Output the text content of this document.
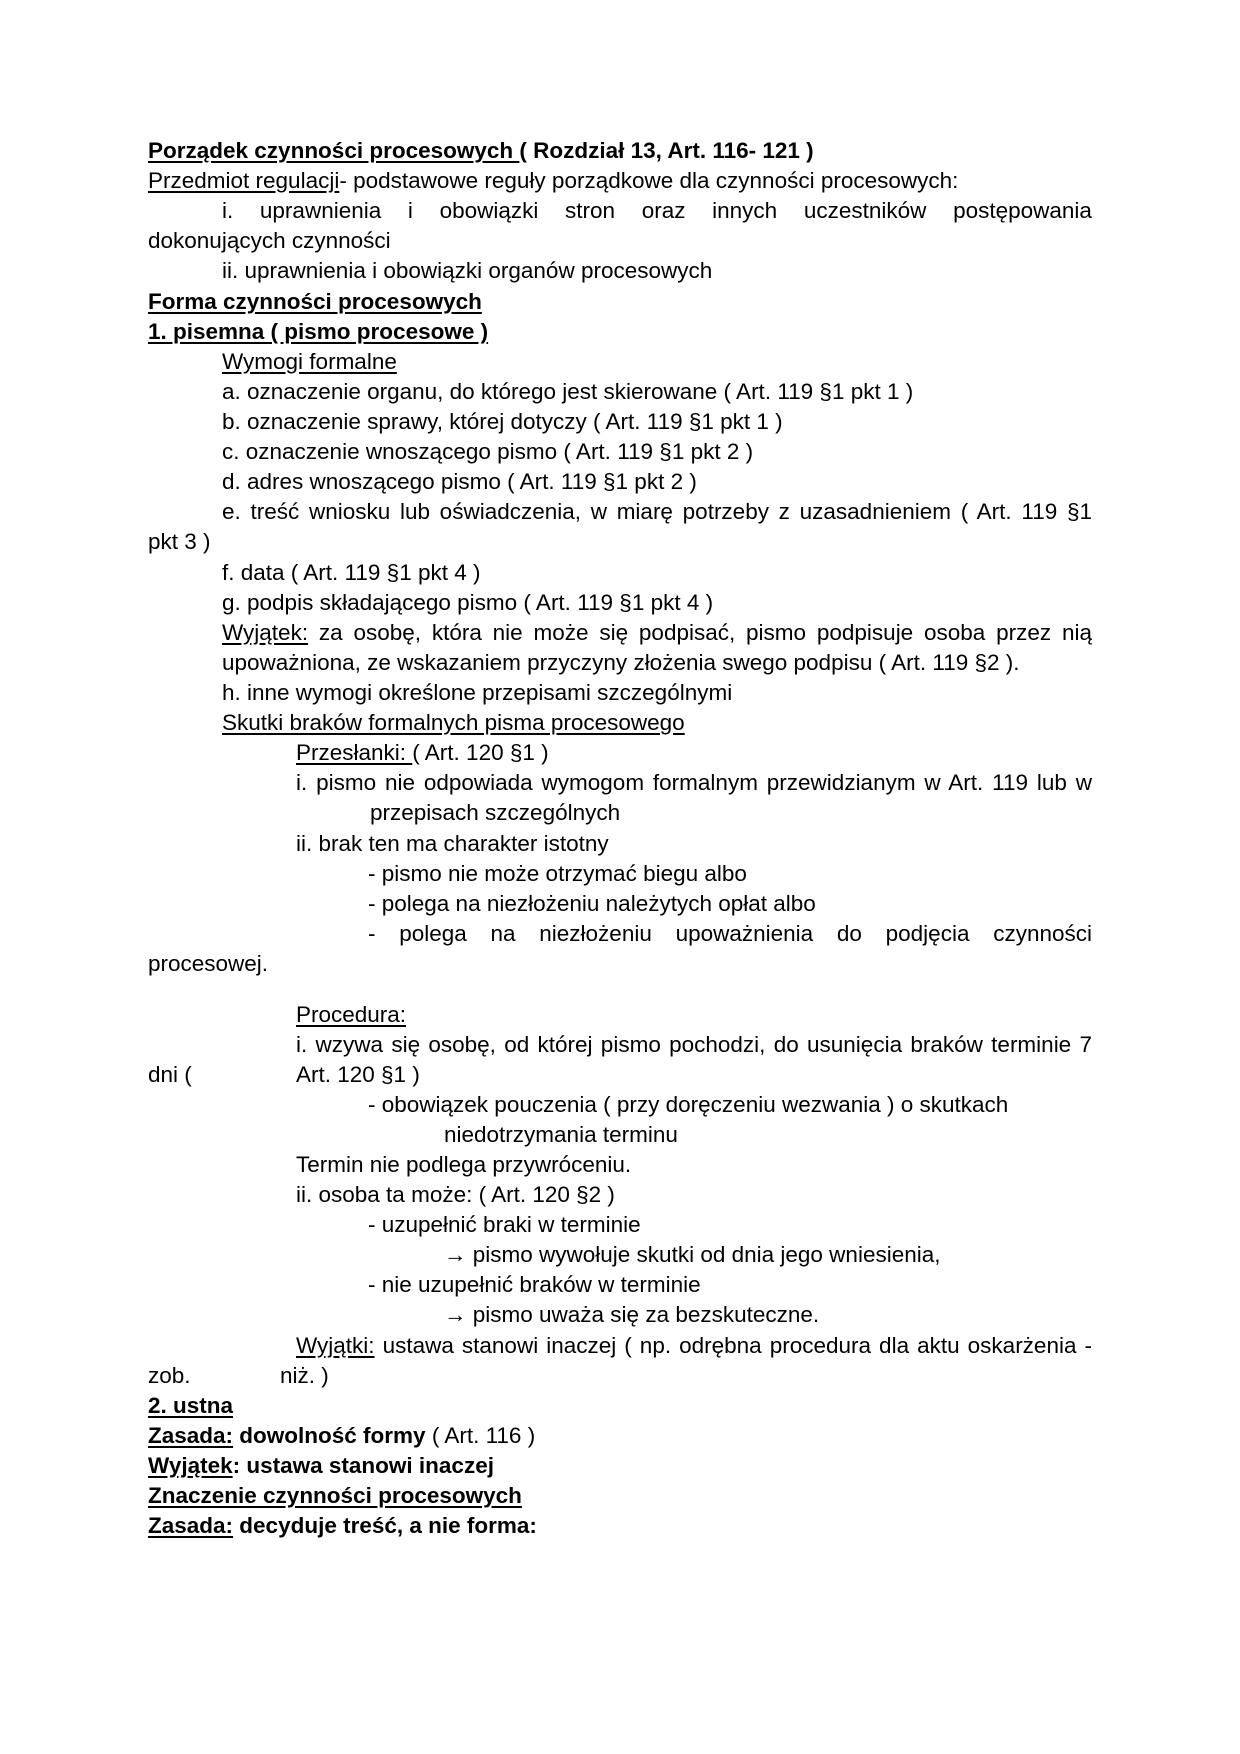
Porządek czynności procesowych ( Rozdział 13, Art. 116- 121 )
Przedmiot regulacji- podstawowe reguły porządkowe dla czynności procesowych:
i. uprawnienia i obowiązki stron oraz innych uczestników postępowania
dokonujących czynności
ii. uprawnienia i obowiązki organów procesowych
Forma czynności procesowych
1. pisemna ( pismo procesowe )
Wymogi formalne
a. oznaczenie organu, do którego jest skierowane ( Art. 119 §1 pkt 1 )
b. oznaczenie sprawy, której dotyczy ( Art. 119 §1 pkt 1 )
c. oznaczenie wnoszącego pismo ( Art. 119 §1 pkt 2 )
d. adres wnoszącego pismo ( Art. 119 §1 pkt 2 )
e. treść wniosku lub oświadczenia, w miarę potrzeby z uzasadnieniem ( Art. 119 §1
pkt 3 )
f. data ( Art. 119 §1 pkt 4 )
g. podpis składającego pismo ( Art. 119 §1 pkt 4 )
Wyjątek: za osobę, która nie może się podpisać, pismo podpisuje osoba przez nią
upoważniona, ze wskazaniem przyczyny złożenia swego podpisu ( Art. 119 §2 ).
h. inne wymogi określone przepisami szczególnymi
Skutki braków formalnych pisma procesowego
Przesłanki: ( Art. 120 §1 )
i. pismo nie odpowiada wymogom formalnym przewidzianym w Art. 119 lub w
przepisach szczególnych
ii. brak ten ma charakter istotny
- pismo nie może otrzymać biegu albo
- polega na niezłożeniu należytych opłat albo
- polega na niezłożeniu upoważnienia do podjęcia czynności
procesowej.
Procedura:
i. wzywa się osobę, od której pismo pochodzi, do usunięcia braków terminie 7
dni (	Art. 120 §1 )
- obowiązek pouczenia ( przy doręczeniu wezwania ) o skutkach
niedotrzymania terminu
Termin nie podlega przywróceniu.
ii. osoba ta może: ( Art. 120 §2 )
- uzupełnić braki w terminie
→ pismo wywołuje skutki od dnia jego wniesienia,
- nie uzupełnić braków w terminie
→ pismo uważa się za bezskuteczne.
Wyjątki: ustawa stanowi inaczej ( np. odrębna procedura dla aktu oskarżenia -
zob.	niż. )
2. ustna
Zasada: dowolność formy ( Art. 116 )
Wyjątek: ustawa stanowi inaczej
Znaczenie czynności procesowych
Zasada: decyduje treść, a nie forma:
